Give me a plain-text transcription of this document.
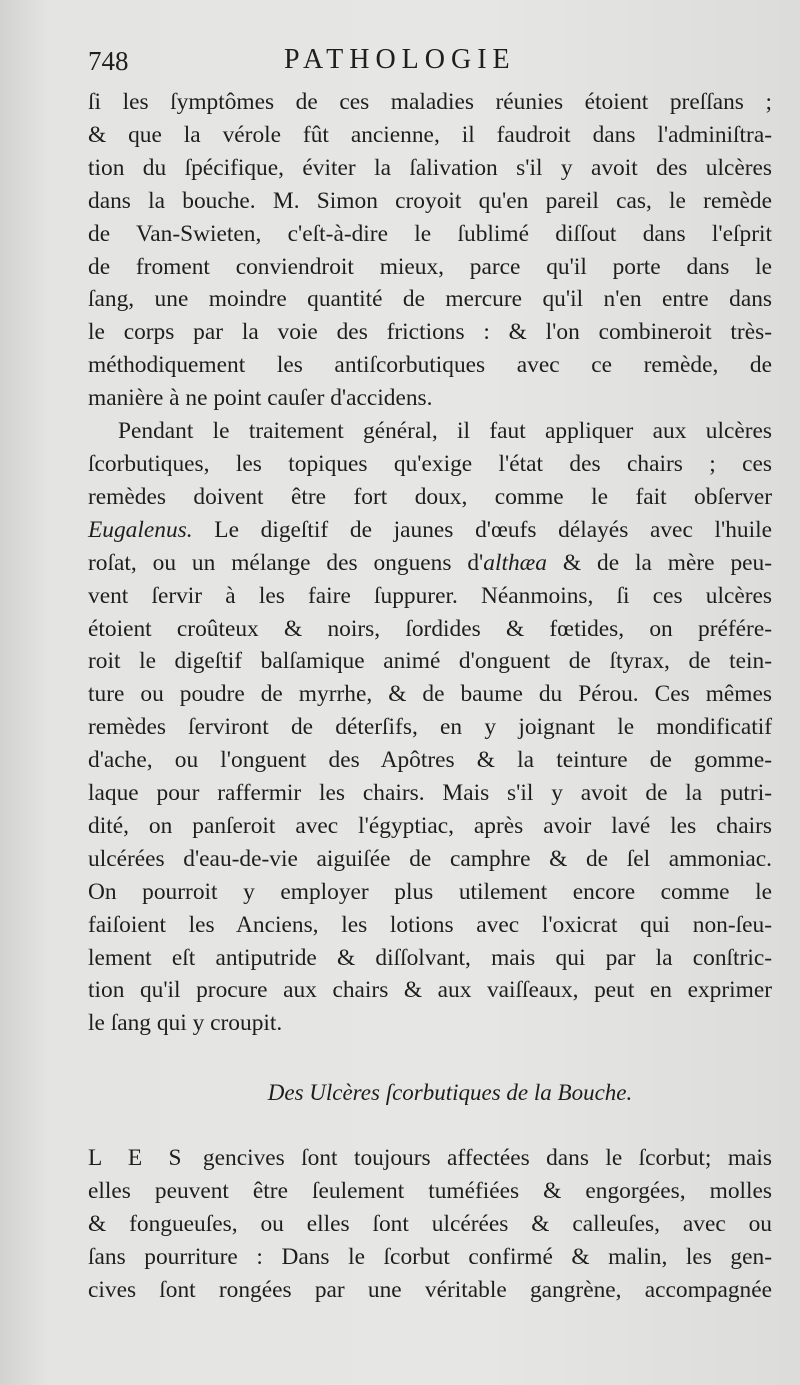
748	PATHOLOGIE

ſi les ſymptômes de ces maladies réunies étoient preſſans ;
& que la vérole fût ancienne, il faudroit dans l'adminiſtra-
tion du ſpécifique, éviter la ſalivation s'il y avoit des ulcères
dans la bouche. M. Simon croyoit qu'en pareil cas, le remède
de Van-Swieten, c'eſt-à-dire le ſublimé diſſout dans l'eſprit
de froment conviendroit mieux, parce qu'il porte dans le
ſang, une moindre quantité de mercure qu'il n'en entre dans
le corps par la voie des frictions : & l'on combineroit très-
méthodiquement les antiſcorbutiques avec ce remède, de
manière à ne point cauſer d'accidens.

Pendant le traitement général, il faut appliquer aux ulcères
ſcorbutiques, les topiques qu'exige l'état des chairs ; ces
remèdes doivent être fort doux, comme le fait obſerver
Eugalenus. Le digeſtif de jaunes d'œufs délayés avec l'huile
roſat, ou un mélange des onguens d'althæa & de la mère peu-
vent ſervir à les faire ſuppurer. Néanmoins, ſi ces ulcères
étoient croûteux & noirs, ſordides & fœtides, on préfére-
roit le digeſtif balſamique animé d'onguent de ſtyrax, de tein-
ture ou poudre de myrrhe, & de baume du Pérou. Ces mêmes
remèdes ſerviront de déterſifs, en y joignant le mondificatif
d'ache, ou l'onguent des Apôtres & la teinture de gomme-
laque pour raffermir les chairs. Mais s'il y avoit de la putri-
dité, on panſeroit avec l'égyptiac, après avoir lavé les chairs
ulcérées d'eau-de-vie aiguiſée de camphre & de ſel ammoniac.
On pourroit y employer plus utilement encore comme le
faiſoient les Anciens, les lotions avec l'oxicrat qui non-ſeu-
lement eſt antiputride & diſſolvant, mais qui par la conſtric-
tion qu'il procure aux chairs & aux vaiſſeaux, peut en exprimer
le ſang qui y croupit.

Des Ulcères ſcorbutiques de la Bouche.

L E S gencives ſont toujours affectées dans le ſcorbut; mais
elles peuvent être ſeulement tuméfiées & engorgées, molles
& fongueuſes, ou elles ſont ulcérées & calleuſes, avec ou
ſans pourriture : Dans le ſcorbut confirmé & malin, les gen-
cives ſont rongées par une véritable gangrène, accompagnée
